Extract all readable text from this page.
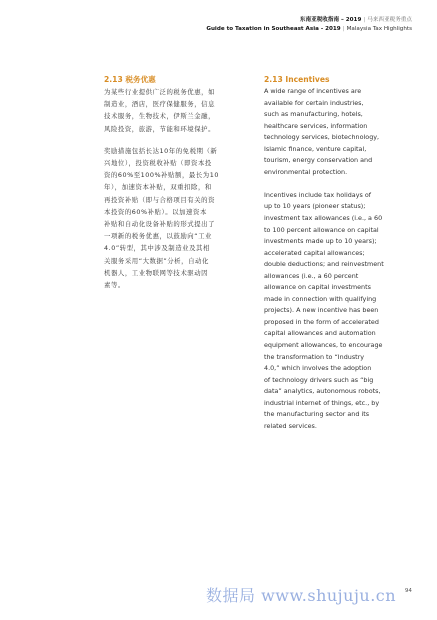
东南亚税收指南 – 2019 | 马来西亚税务重点
Guide to Taxation in Southeast Asia - 2019 | Malaysia Tax Highlights
2.13 税务优惠

为某些行业提供广泛的税务优惠，如
制造业，酒店，医疗保健服务，信息
技术服务，生物技术，伊斯兰金融，
风险投资，旅游，节能和环境保护。

奖励措施包括长达10年的免税期（新
兴地位），投资税收补贴（即资本投
资的60%至100%补贴额，最长为10
年），加速资本补贴，双重扣除，和
再投资补贴（即与合格项目有关的资
本投资的60%补贴）。以加速资本
补贴和自动化设备补贴的形式提出了
一项新的税务优惠，以鼓励向“工业
4.0”转型，其中涉及制造业及其相
关服务采用“大数据”分析，自动化
机器人，工业物联网等技术驱动因
素等。

2.13 Incentives

A wide range of incentives are
available for certain industries,
such as manufacturing, hotels,
healthcare services, information
technology services, biotechnology,
Islamic finance, venture capital,
tourism, energy conservation and
environmental protection.

Incentives include tax holidays of
up to 10 years (pioneer status);
investment tax allowances (i.e., a 60
to 100 percent allowance on capital
investments made up to 10 years);
accelerated capital allowances;
double deductions; and reinvestment
allowances (i.e., a 60 percent
allowance on capital investments
made in connection with qualifying
projects). A new incentive has been
proposed in the form of accelerated
capital allowances and automation
equipment allowances, to encourage
the transformation to “Industry
4.0,” which involves the adoption
of technology drivers such as “big
data” analytics, autonomous robots,
industrial internet of things, etc., by
the manufacturing sector and its
related services.

94
数据局 www.shujuju.cn
